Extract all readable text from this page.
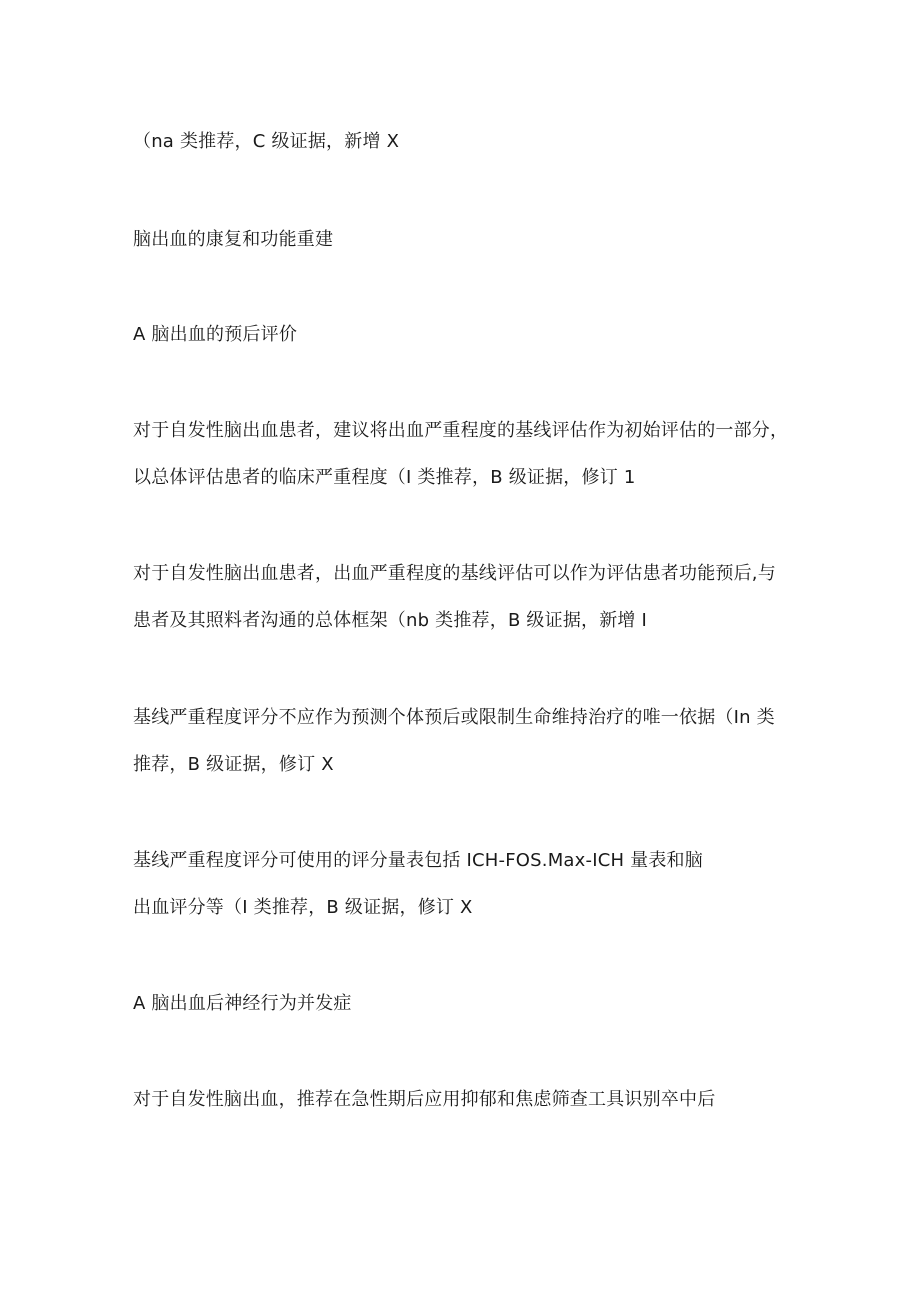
（na 类推荐，C 级证据，新增 X
脑出血的康复和功能重建
A 脑出血的预后评价
对于自发性脑出血患者，建议将出血严重程度的基线评估作为初始评估的一部分，
以总体评估患者的临床严重程度（I 类推荐，B 级证据，修订 1
对于自发性脑出血患者，出血严重程度的基线评估可以作为评估患者功能预后,与
患者及其照料者沟通的总体框架（nb 类推荐，B 级证据，新增 I
基线严重程度评分不应作为预测个体预后或限制生命维持治疗的唯一依据（In 类
推荐，B 级证据，修订 X
基线严重程度评分可使用的评分量表包括 ICH-FOS.Max-ICH 量表和脑
出血评分等（I 类推荐，B 级证据，修订 X
A 脑出血后神经行为并发症
对于自发性脑出血，推荐在急性期后应用抑郁和焦虑筛查工具识别卒中后
